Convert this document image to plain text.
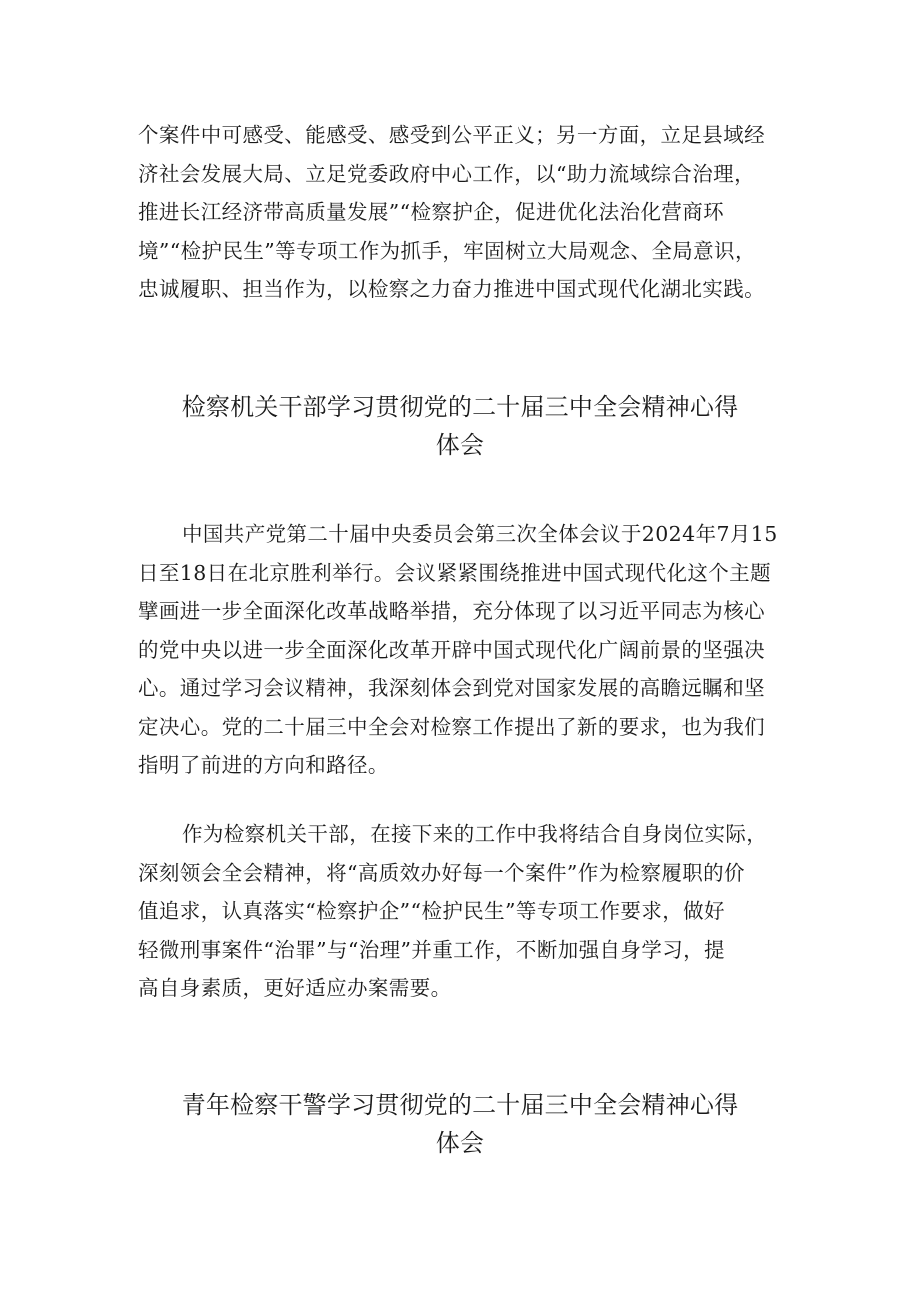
个案件中可感受、能感受、感受到公平正义；另一方面，立足县域经
济社会发展大局、立足党委政府中心工作，以“助力流域综合治理，
推进长江经济带高质量发展”“检察护企，促进优化法治化营商环
境”“检护民生”等专项工作为抓手，牢固树立大局观念、全局意识，
忠诚履职、担当作为，以检察之力奋力推进中国式现代化湖北实践。
检察机关干部学习贯彻党的二十届三中全会精神心得
体会
中国共产党第二十届中央委员会第三次全体会议于2024年7月15
日至18日在北京胜利举行。会议紧紧围绕推进中国式现代化这个主题
擘画进一步全面深化改革战略举措，充分体现了以习近平同志为核心
的党中央以进一步全面深化改革开辟中国式现代化广阔前景的坚强决
心。通过学习会议精神，我深刻体会到党对国家发展的高瞻远瞩和坚
定决心。党的二十届三中全会对检察工作提出了新的要求，也为我们
指明了前进的方向和路径。
作为检察机关干部，在接下来的工作中我将结合自身岗位实际，
深刻领会全会精神，将“高质效办好每一个案件”作为检察履职的价
值追求，认真落实“检察护企”“检护民生”等专项工作要求，做好
轻微刑事案件“治罪”与“治理”并重工作，不断加强自身学习，提
高自身素质，更好适应办案需要。
青年检察干警学习贯彻党的二十届三中全会精神心得
体会
